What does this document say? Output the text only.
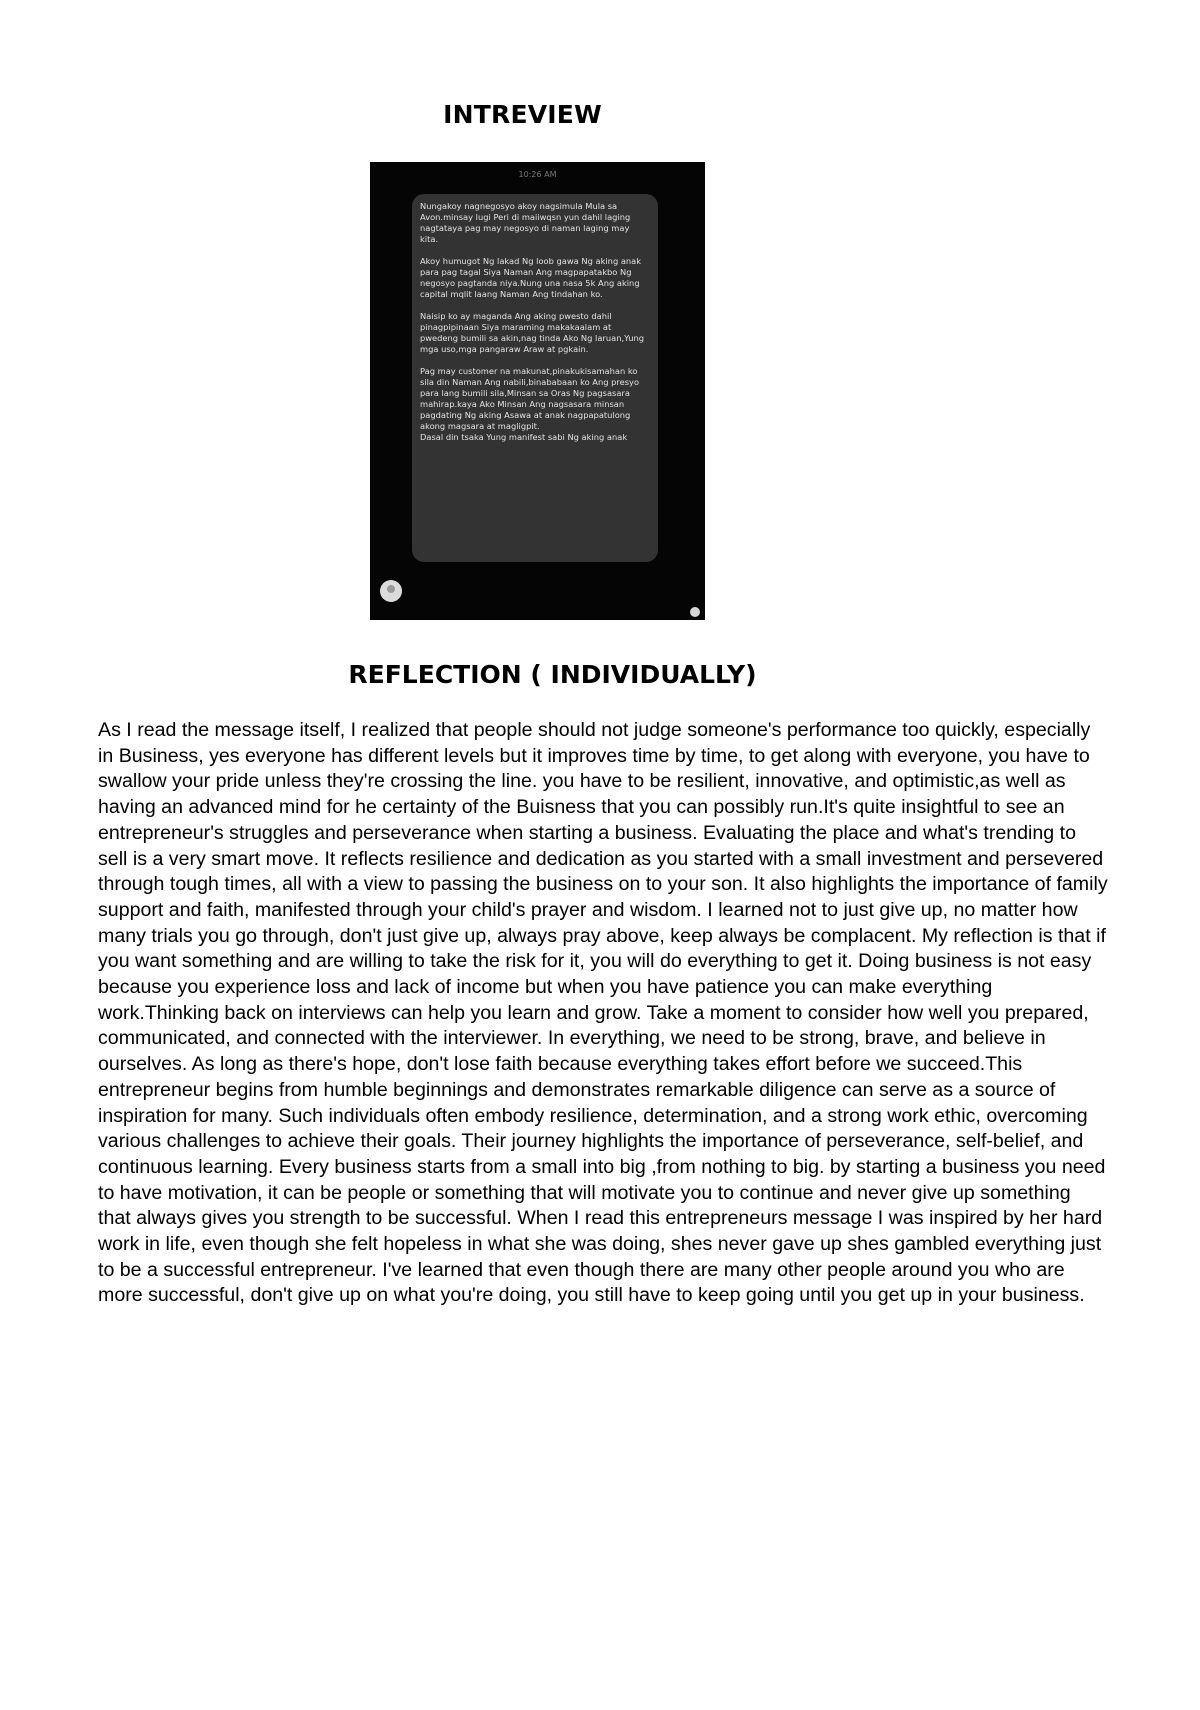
INTREVIEW
10:26 AM
Nungakoy nagnegosyo akoy nagsimula Mula sa Avon.minsay lugi Peri di maiiwqsn yun dahil laging nagtataya pag may negosyo di naman laging may kita.

Akoy humugot Ng lakad Ng loob gawa Ng aking anak para pag tagal Siya Naman Ang magpapatakbo Ng negosyo pagtanda niya.Nung una nasa 5k Ang aking capital mqlit laang Naman Ang tindahan ko.

Naisip ko ay maganda Ang aking pwesto dahil pinagpipinaan Siya maraming makakaalam at pwedeng bumili sa akin,nag tinda Ako Ng laruan,Yung mga uso,mga pangaraw Araw at pgkain.

Pag may customer na makunat,pinakukisamahan ko sila din Naman Ang nabili,binababaan ko Ang presyo para lang bumili sila,Minsan sa Oras Ng pagsasara mahirap.kaya Ako Minsan Ang nagsasara minsan pagdating Ng aking Asawa at anak nagpapatulong akong magsara at magligpit.
Dasal din tsaka Yung manifest sabi Ng aking anak
REFLECTION ( INDIVIDUALLY)

As I read the message itself, I realized that people should not judge someone's performance too quickly, especially in Business, yes everyone has different levels but it improves time by time, to get along with everyone, you have to swallow your pride unless they're crossing the line. you have to be resilient, innovative, and optimistic,as well as having an advanced mind for he certainty of the Buisness that you can possibly run.It's quite insightful to see an entrepreneur's struggles and perseverance when starting a business. Evaluating the place and what's trending to sell is a very smart move. It reflects resilience and dedication as you started with a small investment and persevered through tough times, all with a view to passing the business on to your son. It also highlights the importance of family support and faith, manifested through your child's prayer and wisdom. I learned not to just give up, no matter how many trials you go through, don't just give up, always pray above, keep always be complacent. My reflection is that if you want something and are willing to take the risk for it, you will do everything to get it. Doing business is not easy because you experience loss and lack of income but when you have patience you can make everything work.Thinking back on interviews can help you learn and grow. Take a moment to consider how well you prepared, communicated, and connected with the interviewer. In everything, we need to be strong, brave, and believe in ourselves. As long as there's hope, don't lose faith because everything takes effort before we succeed.This entrepreneur begins from humble beginnings and demonstrates remarkable diligence can serve as a source of inspiration for many. Such individuals often embody resilience, determination, and a strong work ethic, overcoming various challenges to achieve their goals. Their journey highlights the importance of perseverance, self-belief, and continuous learning. Every business starts from a small into big ,from nothing to big. by starting a business you need to have motivation, it can be people or something that will motivate you to continue and never give up something that always gives you strength to be successful. When I read this entrepreneurs message I was inspired by her hard work in life, even though she felt hopeless in what she was doing, shes never gave up shes gambled everything just to be a successful entrepreneur. I've learned that even though there are many other people around you who are more successful, don't give up on what you're doing, you still have to keep going until you get up in your business.
